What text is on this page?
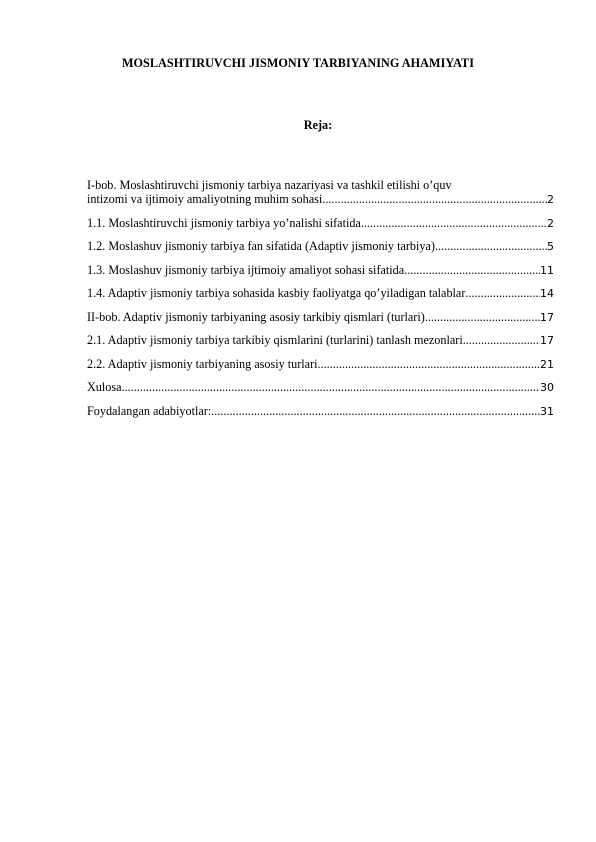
MOSLASHTIRUVCHI JISMONIY TARBIYANING AHAMIYATI
Reja:
I-bob. Moslashtiruvchi jismoniy tarbiya nazariyasi va tashkil etilishi o’quv
intizomi va ijtimoiy amaliyotning muhim sohasi .....	2
1.1. Moslashtiruvchi jismoniy tarbiya yo’nalishi sifatida .....	2
1.2. Moslashuv jismoniy tarbiya fan sifatida (Adaptiv jismoniy tarbiya) .....	5
1.3. Moslashuv jismoniy tarbiya ijtimoiy amaliyot sohasi sifatida .....	11
1.4. Adaptiv jismoniy tarbiya sohasida kasbiy faoliyatga qo’yiladigan talablar .....	14
II-bob. Adaptiv jismoniy tarbiyaning asosiy tarkibiy qismlari (turlari) .....	17
2.1. Adaptiv jismoniy tarbiya tarkibiy qismlarini (turlarini) tanlash mezonlari .....	17
2.2. Adaptiv jismoniy tarbiyaning asosiy turlari .....	21
Xulosa .....	30
Foydalangan adabiyotlar: .....	31
